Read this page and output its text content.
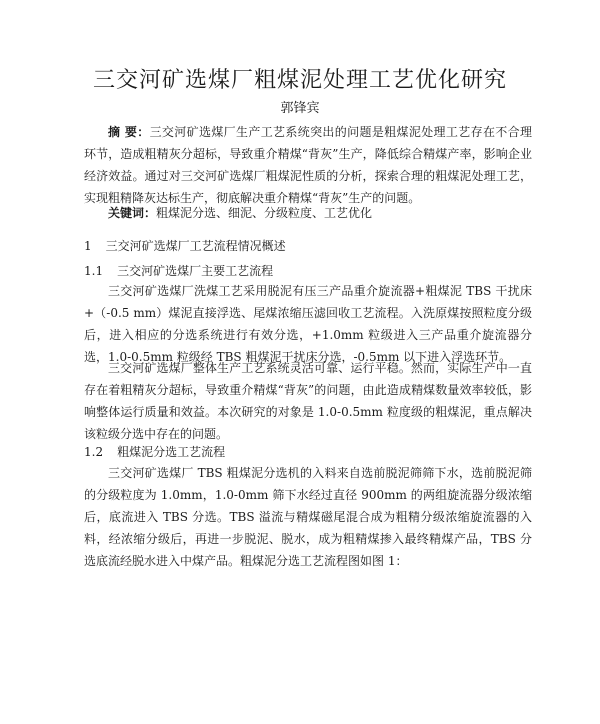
三交河矿选煤厂粗煤泥处理工艺优化研究
郭锋宾

摘 要：三交河矿选煤厂生产工艺系统突出的问题是粗煤泥处理工艺存在不合理环节，造成粗精灰分超标，导致重介精煤“背灰”生产，降低综合精煤产率，影响企业经济效益。通过对三交河矿选煤厂粗煤泥性质的分析，探索合理的粗煤泥处理工艺，实现粗精降灰达标生产，彻底解决重介精煤“背灰”生产的问题。

关键词：粗煤泥分选、细泥、分级粒度、工艺优化

1 三交河矿选煤厂工艺流程情况概述

1.1 三交河矿选煤厂主要工艺流程

三交河矿选煤厂洗煤工艺采用脱泥有压三产品重介旋流器+粗煤泥 TBS 干扰床+（-0.5 mm）煤泥直接浮选、尾煤浓缩压滤回收工艺流程。入洗原煤按照粒度分级后，进入相应的分选系统进行有效分选，+1.0mm 粒级进入三产品重介旋流器分选，1.0-0.5mm 粒级经 TBS 粗煤泥干扰床分选，-0.5mm 以下进入浮选环节。

三交河矿选煤厂整体生产工艺系统灵活可靠、运行平稳。然而，实际生产中一直存在着粗精灰分超标，导致重介精煤“背灰”的问题，由此造成精煤数量效率较低，影响整体运行质量和效益。本次研究的对象是 1.0-0.5mm 粒度级的粗煤泥，重点解决该粒级分选中存在的问题。

1.2 粗煤泥分选工艺流程

三交河矿选煤厂 TBS 粗煤泥分选机的入料来自选前脱泥筛筛下水，选前脱泥筛的分级粒度为 1.0mm，1.0-0mm 筛下水经过直径 900mm 的两组旋流器分级浓缩后，底流进入 TBS 分选。TBS 溢流与精煤磁尾混合成为粗精分级浓缩旋流器的入料，经浓缩分级后，再进一步脱泥、脱水，成为粗精煤掺入最终精煤产品，TBS 分选底流经脱水进入中煤产品。粗煤泥分选工艺流程图如图 1：
